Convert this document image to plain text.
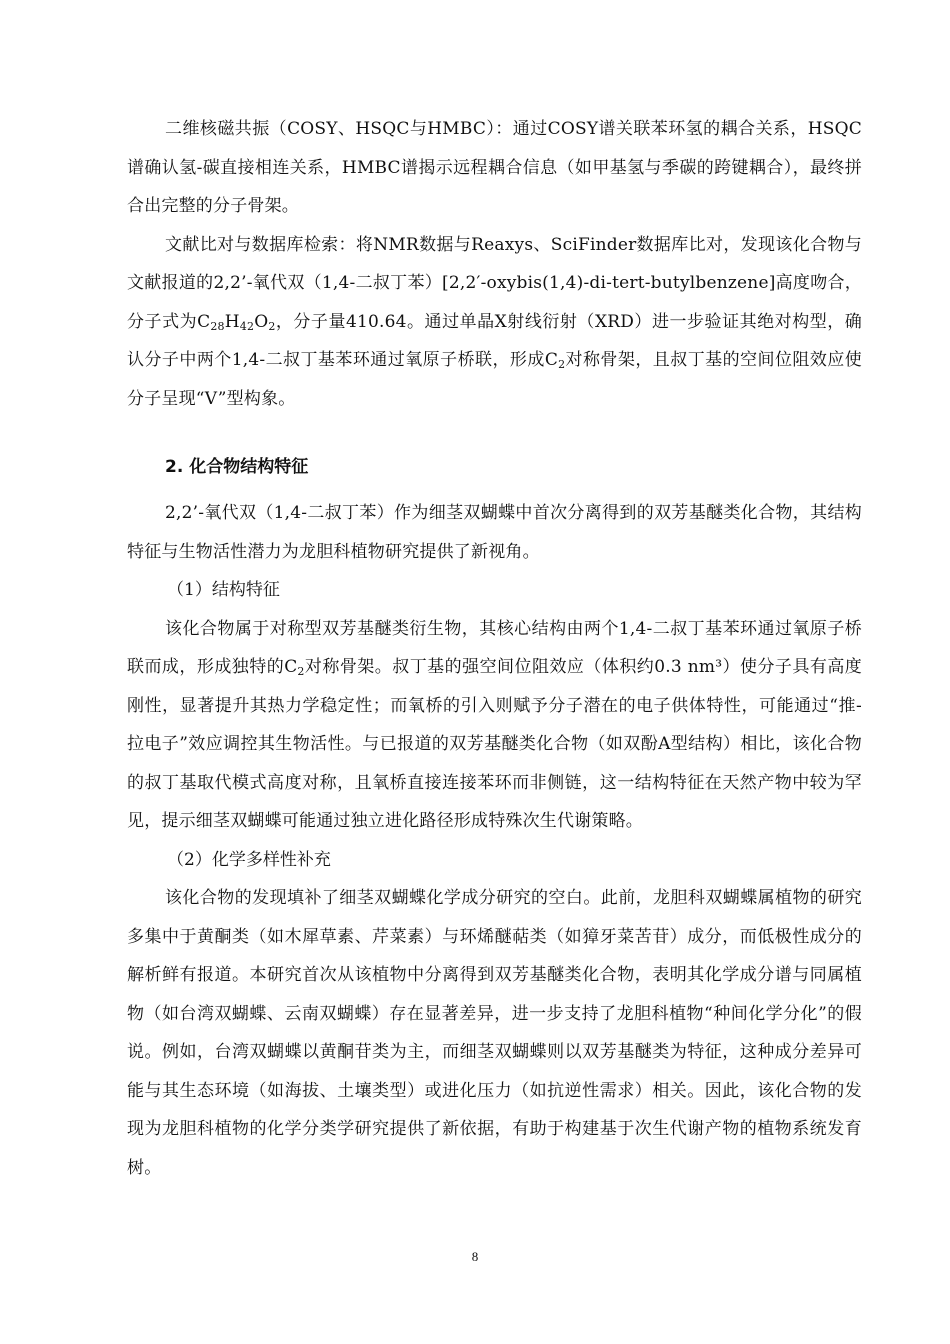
二维核磁共振（COSY、HSQC与HMBC）：通过COSY谱关联苯环氢的耦合关系，HSQC谱确认氢-碳直接相连关系，HMBC谱揭示远程耦合信息（如甲基氢与季碳的跨键耦合），最终拼合出完整的分子骨架。

文献比对与数据库检索：将NMR数据与Reaxys、SciFinder数据库比对，发现该化合物与文献报道的2,2’-氧代双（1,4-二叔丁苯）[2,2′-oxybis(1,4)-di-tert-butylbenzene]高度吻合，分子式为$C_{28}H_{42}O_2$，分子量410.64。通过单晶X射线衍射（XRD）进一步验证其绝对构型，确认分子中两个1,4-二叔丁基苯环通过氧原子桥联，形成$C_2$对称骨架，且叔丁基的空间位阻效应使分子呈现“V”型构象。

2. 化合物结构特征

2,2’-氧代双（1,4-二叔丁苯）作为细茎双蝴蝶中首次分离得到的双芳基醚类化合物，其结构特征与生物活性潜力为龙胆科植物研究提供了新视角。

（1）结构特征

该化合物属于对称型双芳基醚类衍生物，其核心结构由两个1,4-二叔丁基苯环通过氧原子桥联而成，形成独特的$C_2$对称骨架。叔丁基的强空间位阻效应（体积约0.3 nm³）使分子具有高度刚性，显著提升其热力学稳定性；而氧桥的引入则赋予分子潜在的电子供体特性，可能通过“推-拉电子”效应调控其生物活性。与已报道的双芳基醚类化合物（如双酚A型结构）相比，该化合物的叔丁基取代模式高度对称，且氧桥直接连接苯环而非侧链，这一结构特征在天然产物中较为罕见，提示细茎双蝴蝶可能通过独立进化路径形成特殊次生代谢策略。

（2）化学多样性补充

该化合物的发现填补了细茎双蝴蝶化学成分研究的空白。此前，龙胆科双蝴蝶属植物的研究多集中于黄酮类（如木犀草素、芹菜素）与环烯醚萜类（如獐牙菜苦苷）成分，而低极性成分的解析鲜有报道。本研究首次从该植物中分离得到双芳基醚类化合物，表明其化学成分谱与同属植物（如台湾双蝴蝶、云南双蝴蝶）存在显著差异，进一步支持了龙胆科植物“种间化学分化”的假说。例如，台湾双蝴蝶以黄酮苷类为主，而细茎双蝴蝶则以双芳基醚类为特征，这种成分差异可能与其生态环境（如海拔、土壤类型）或进化压力（如抗逆性需求）相关。因此，该化合物的发现为龙胆科植物的化学分类学研究提供了新依据，有助于构建基于次生代谢产物的植物系统发育树。

8
